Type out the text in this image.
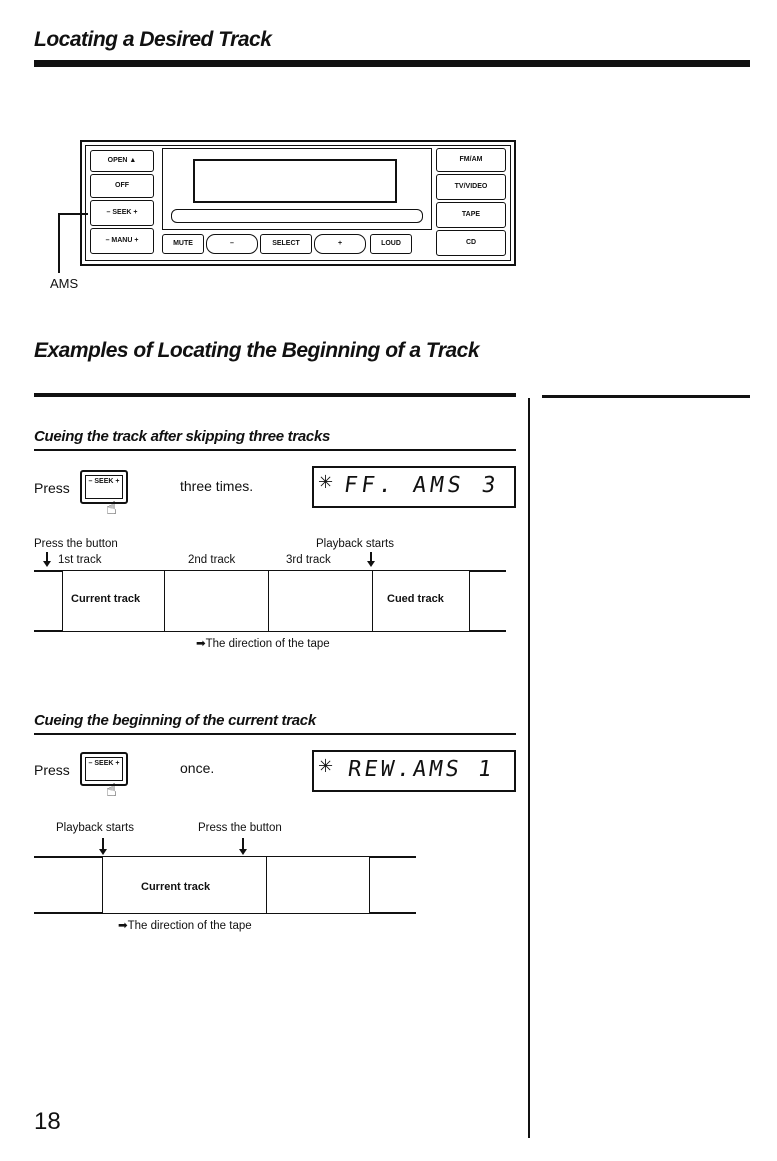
Locating a Desired Track
OPEN ▲
OFF
– SEEK +
– MANU +	MUTE	–	SELECT	+	LOUD
FM/AM
TV/VIDEO
TAPE
CD
AMS
Examples of Locating the Beginning of a Track
Cueing the track after skipping three tracks
Press	– SEEK +
☝
three times.	✳ FF. AMS 3
Press the button	Playback starts
1st track	2nd track	3rd track
Current track	Cued track
➡The direction of the tape
Cueing the beginning of the current track
Press	– SEEK +
☝
once.	✳ REW.AMS 1
Playback starts	Press the button
Current track
➡The direction of the tape
18
